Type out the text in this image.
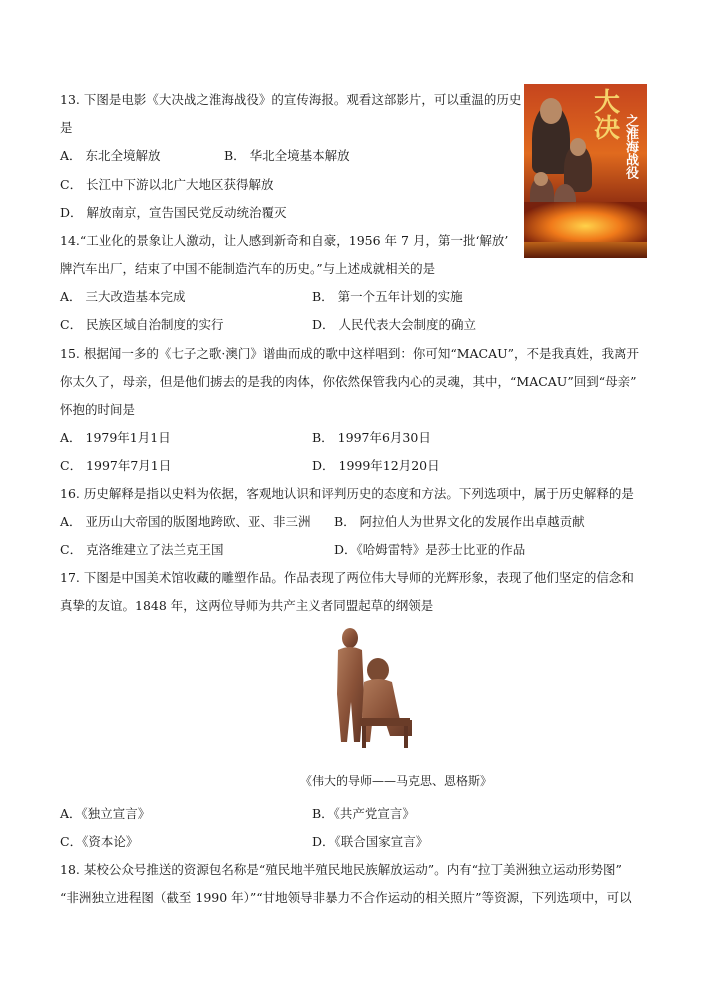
13. 下图是电影《大决战之淮海战役》的宣传海报。观看这部影片，可以重温的历史
是
A． 东北全境解放	B． 华北全境基本解放
C． 长江中下游以北广大地区获得解放
D． 解放南京，宣告国民党反动统治覆灭
大决 之淮海战役
14.“工业化的景象让人激动，让人感到新奇和自豪，1956 年 7 月，第一批‘解放’
牌汽车出厂，结束了中国不能制造汽车的历史。”与上述成就相关的是
A． 三大改造基本完成	B． 第一个五年计划的实施
C． 民族区域自治制度的实行	D． 人民代表大会制度的确立
15. 根据闻一多的《七子之歌·澳门》谱曲而成的歌中这样唱到：你可知“MACAU”，不是我真姓，我离开
你太久了，母亲，但是他们掳去的是我的肉体，你依然保管我内心的灵魂，其中，“MACAU”回到“母亲”
怀抱的时间是
A． 1979年1月1日	B． 1997年6月30日
C． 1997年7月1日	D． 1999年12月20日
16. 历史解释是指以史料为依据，客观地认识和评判历史的态度和方法。下列选项中，属于历史解释的是
A． 亚历山大帝国的版图地跨欧、亚、非三洲 B． 阿拉伯人为世界文化的发展作出卓越贡献
C． 克洛维建立了法兰克王国	D．《哈姆雷特》是莎士比亚的作品
17. 下图是中国美术馆收藏的雕塑作品。作品表现了两位伟大导师的光辉形象，表现了他们坚定的信念和
真挚的友谊。1848 年，这两位导师为共产主义者同盟起草的纲领是
《伟大的导师——马克思、恩格斯》
A．《独立宣言》	B．《共产党宣言》
C．《资本论》	D．《联合国家宣言》
18. 某校公众号推送的资源包名称是“殖民地半殖民地民族解放运动”。内有“拉丁美洲独立运动形势图”
“非洲独立进程图（截至 1990 年）”“甘地领导非暴力不合作运动的相关照片”等资源，下列选项中，可以
